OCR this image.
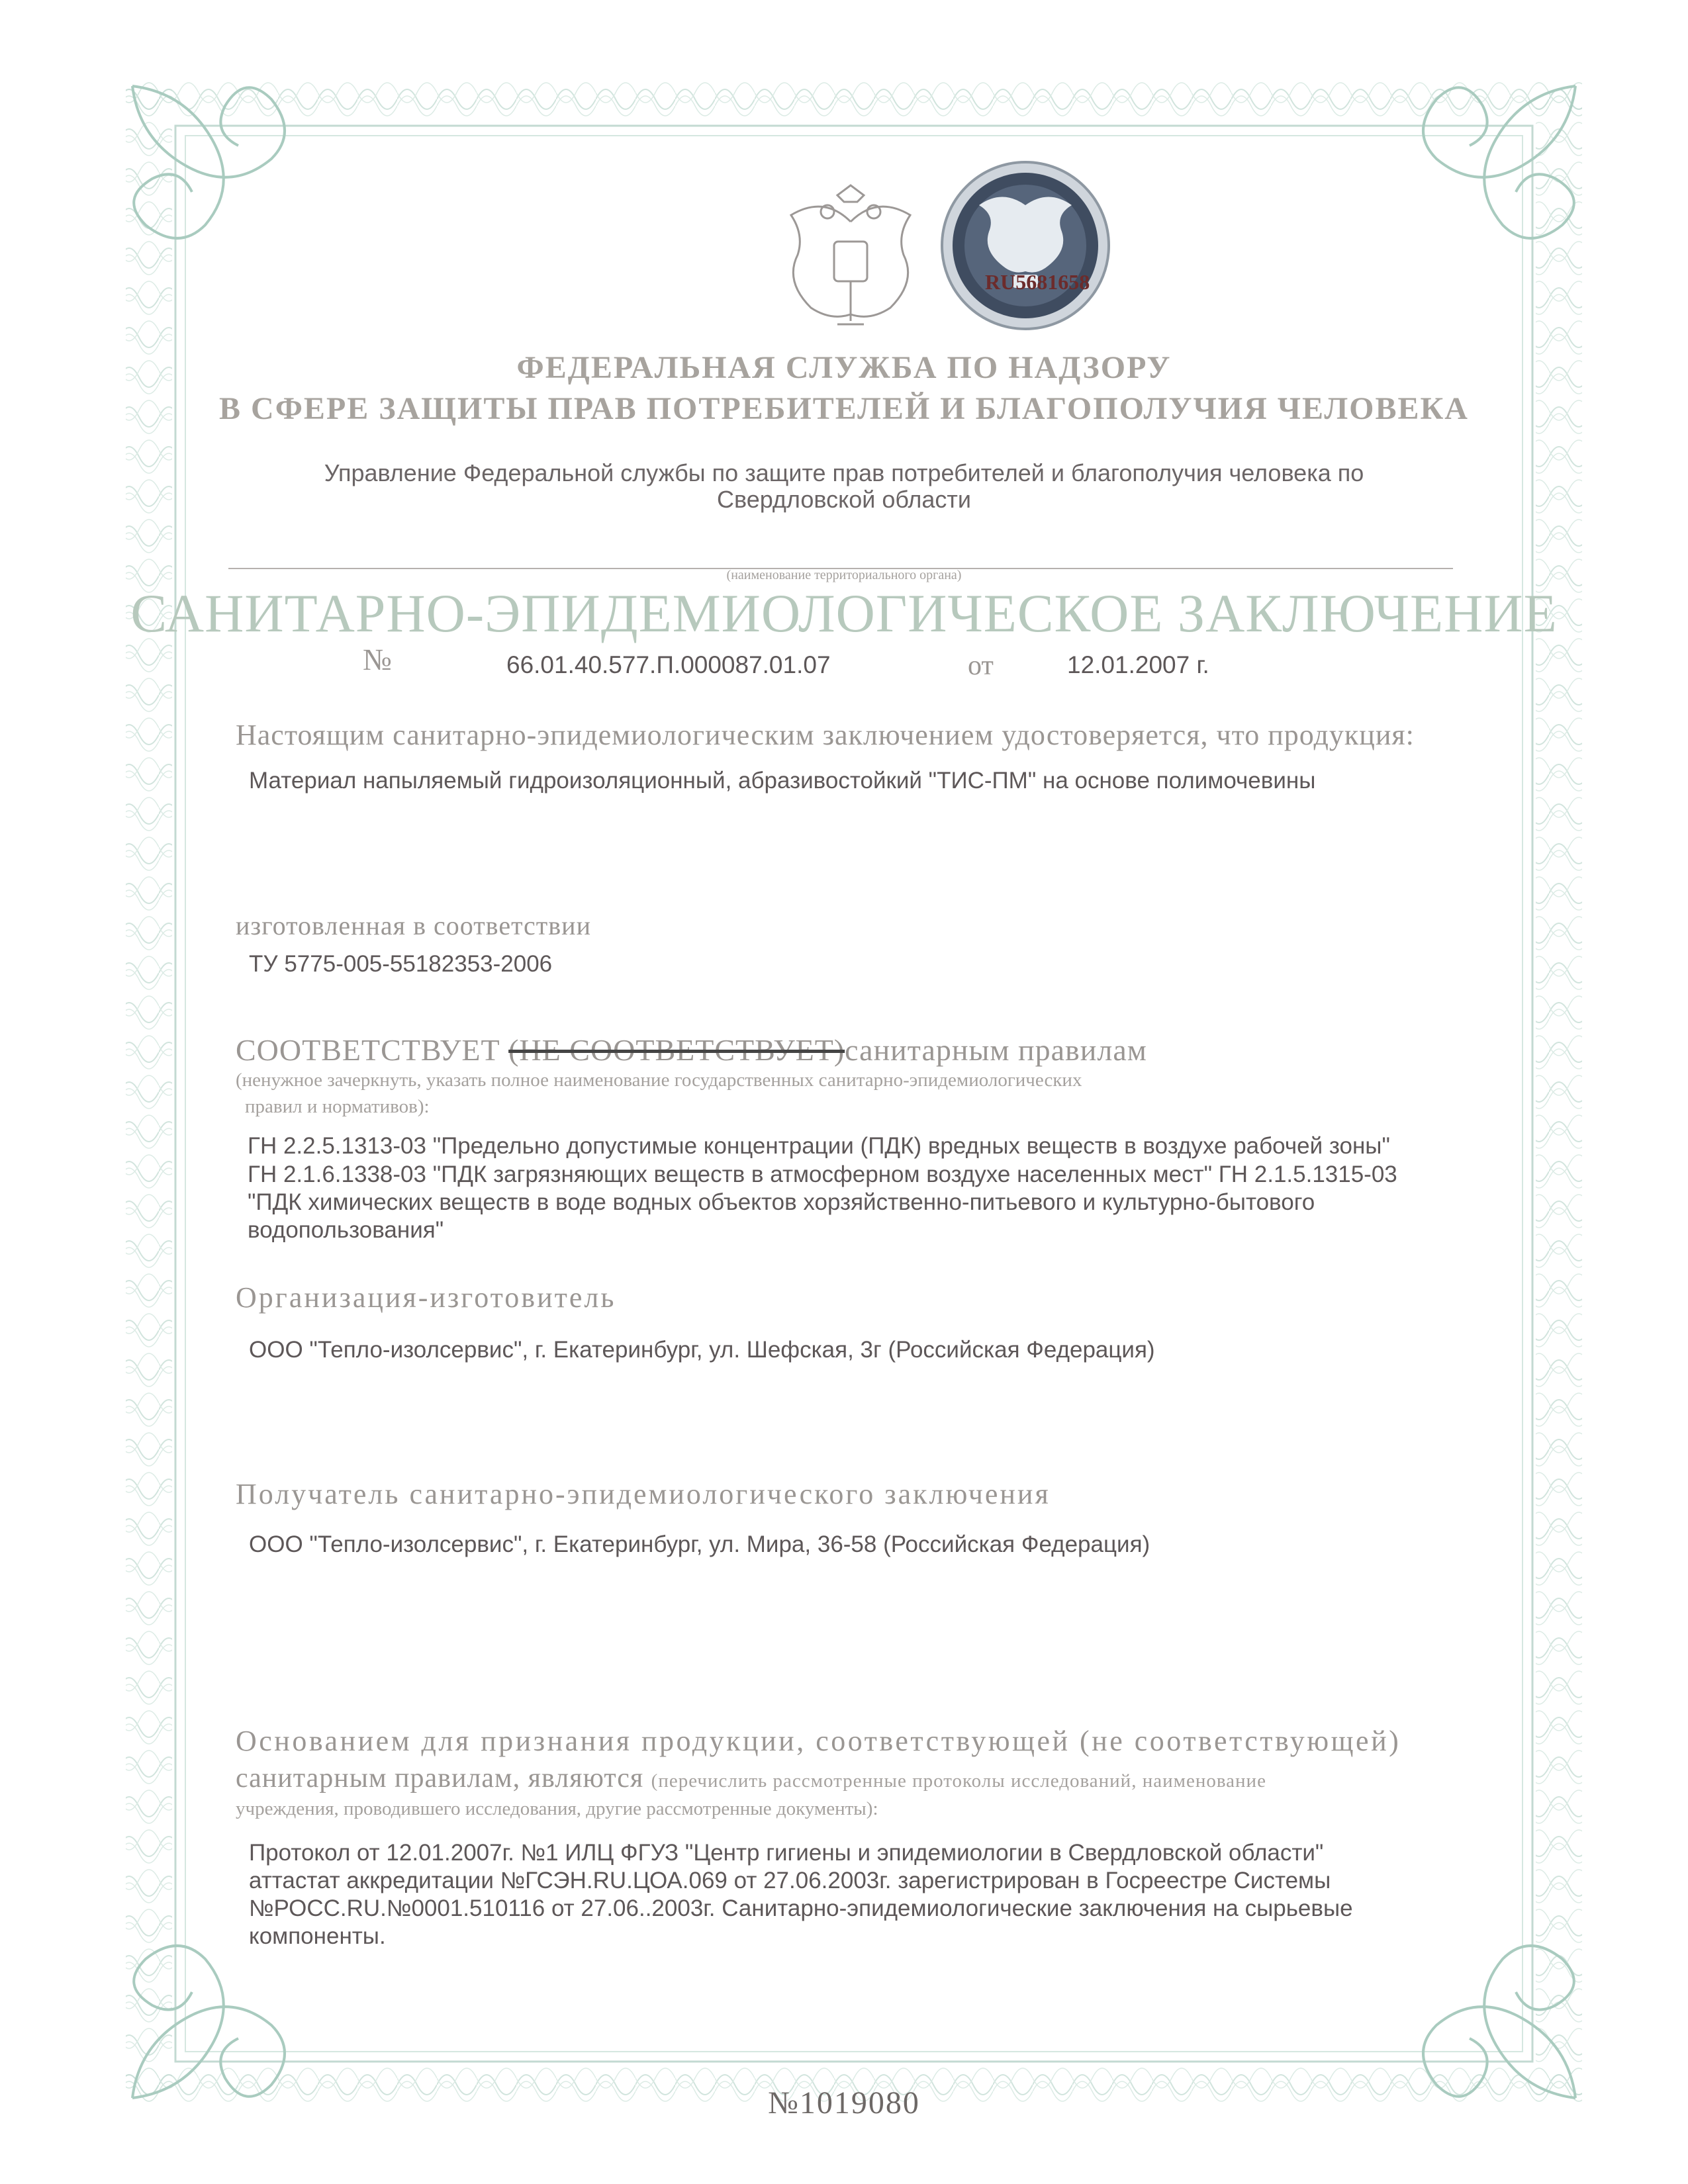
RU5681658
ФЕДЕРАЛЬНАЯ СЛУЖБА ПО НАДЗОРУ
В СФЕРЕ ЗАЩИТЫ ПРАВ ПОТРЕБИТЕЛЕЙ И БЛАГОПОЛУЧИЯ ЧЕЛОВЕКА
Управление Федеральной службы по защите прав потребителей и благополучия человека по
Свердловской области
(наименование территориального органа)
САНИТАРНО-ЭПИДЕМИОЛОГИЧЕСКОЕ ЗАКЛЮЧЕНИЕ
№	66.01.40.577.П.000087.01.07	от	12.01.2007 г.
Настоящим санитарно-эпидемиологическим заключением удостоверяется, что продукция:
Материал напыляемый гидроизоляционный, абразивостойкий "ТИС-ПМ" на основе полимочевины
изготовленная в соответствии
ТУ 5775-005-55182353-2006
СООТВЕТСТВУЕТ (НЕ СООТВЕТСТВУЕТ)санитарным правилам
(ненужное зачеркнуть, указать полное наименование государственных санитарно-эпидемиологических
правил и нормативов):
ГН 2.2.5.1313-03 "Предельно допустимые концентрации (ПДК) вредных веществ в воздухе рабочей зоны"
ГН 2.1.6.1338-03 "ПДК загрязняющих веществ в атмосферном воздухе населенных мест" ГН 2.1.5.1315-03
"ПДК химических веществ в воде водных объектов хорзяйственно-питьевого и культурно-бытового
водопользования"
Организация-изготовитель
ООО "Тепло-изолсервис", г. Екатеринбург, ул. Шефская, 3г (Российская Федерация)
Получатель санитарно-эпидемиологического заключения
ООО "Тепло-изолсервис", г. Екатеринбург, ул. Мира, 36-58 (Российская Федерация)
Основанием для признания продукции, соответствующей (не соответствующей)
санитарным правилам, являются (перечислить рассмотренные протоколы исследований, наименование
учреждения, проводившего исследования, другие рассмотренные документы):
Протокол от 12.01.2007г. №1 ИЛЦ ФГУЗ "Центр гигиены и эпидемиологии в Свердловской области"
аттастат аккредитации №ГСЭН.RU.ЦОА.069 от 27.06.2003г. зарегистрирован в Госреестре Системы
№РОСС.RU.№0001.510116 от 27.06..2003г. Санитарно-эпидемиологические заключения на сырьевые
компоненты.
№1019080
